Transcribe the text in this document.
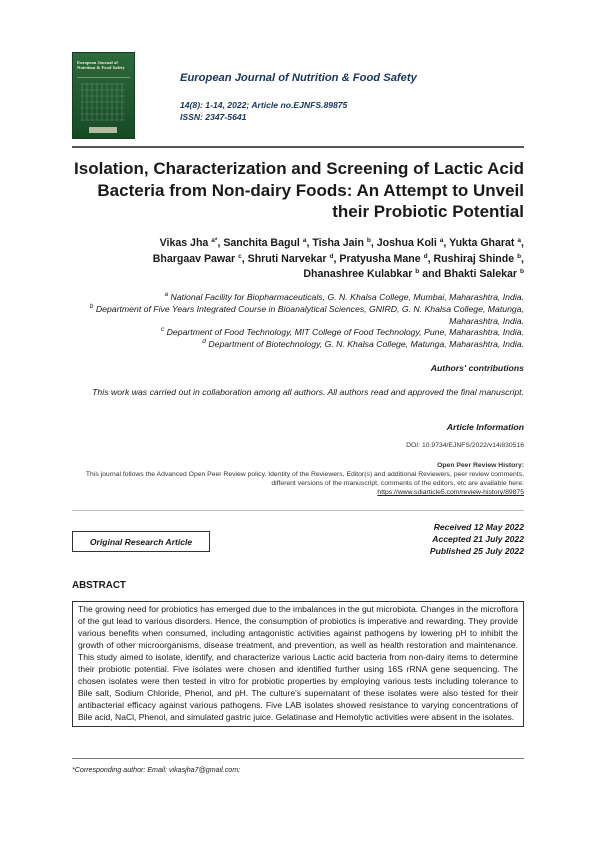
European Journal of Nutrition & Food Safety
European Journal of Nutrition & Food Safety
14(8): 1-14, 2022; Article no.EJNFS.89875
ISSN: 2347-5641
Isolation, Characterization and Screening of Lactic Acid Bacteria from Non-dairy Foods: An Attempt to Unveil their Probiotic Potential
Vikas Jha $^{a*}$, Sanchita Bagul $^a$, Tisha Jain $^b$, Joshua Koli $^a$, Yukta Gharat $^a$,
Bhargaav Pawar $^c$, Shruti Narvekar $^d$, Pratyusha Mane $^d$, Rushiraj Shinde $^b$,
Dhanashree Kulabkar $^b$ and Bhakti Salekar $^b$
$^a$ National Facility for Biopharmaceuticals, G. N. Khalsa College, Mumbai, Maharashtra, India.
$^b$ Department of Five Years Integrated Course in Bioanalytical Sciences, GNIRD, G. N. Khalsa College, Matunga, Maharashtra, India.
$^c$ Department of Food Technology, MIT College of Food Technology, Pune, Maharashtra, India.
$^d$ Department of Biotechnology, G. N. Khalsa College, Matunga, Maharashtra, India.
Authors' contributions
This work was carried out in collaboration among all authors. All authors read and approved the final manuscript.
Article Information
DOI: 10.9734/EJNFS/2022/v14i830516
Open Peer Review History:
This journal follows the Advanced Open Peer Review policy. Identity of the Reviewers, Editor(s) and additional Reviewers, peer review comments, different versions of the manuscript, comments of the editors, etc are available here:
https://www.sdiarticle5.com/review-history/89875
Original Research Article
Received 12 May 2022
Accepted 21 July 2022
Published 25 July 2022
ABSTRACT
The growing need for probiotics has emerged due to the imbalances in the gut microbiota. Changes in the microflora of the gut lead to various disorders. Hence, the consumption of probiotics is imperative and rewarding. They provide various benefits when consumed, including antagonistic activities against pathogens by lowering pH to inhibit the growth of other microorganisms, disease treatment, and prevention, as well as health restoration and maintenance. This study aimed to isolate, identify, and characterize various Lactic acid bacteria from non-dairy items to determine their probiotic potential. Five isolates were chosen and identified further using 16S rRNA gene sequencing. The chosen isolates were then tested in vitro for probiotic properties by employing various tests including tolerance to Bile salt, Sodium Chloride, Phenol, and pH. The culture's supernatant of these isolates were also tested for their antibacterial efficacy against various pathogens. Five LAB isolates showed resistance to varying concentrations of Bile acid, NaCl, Phenol, and simulated gastric juice. Gelatinase and Hemolytic activities were absent in the isolates.
*Corresponding author: Email: vikasjha7@gmail.com;
